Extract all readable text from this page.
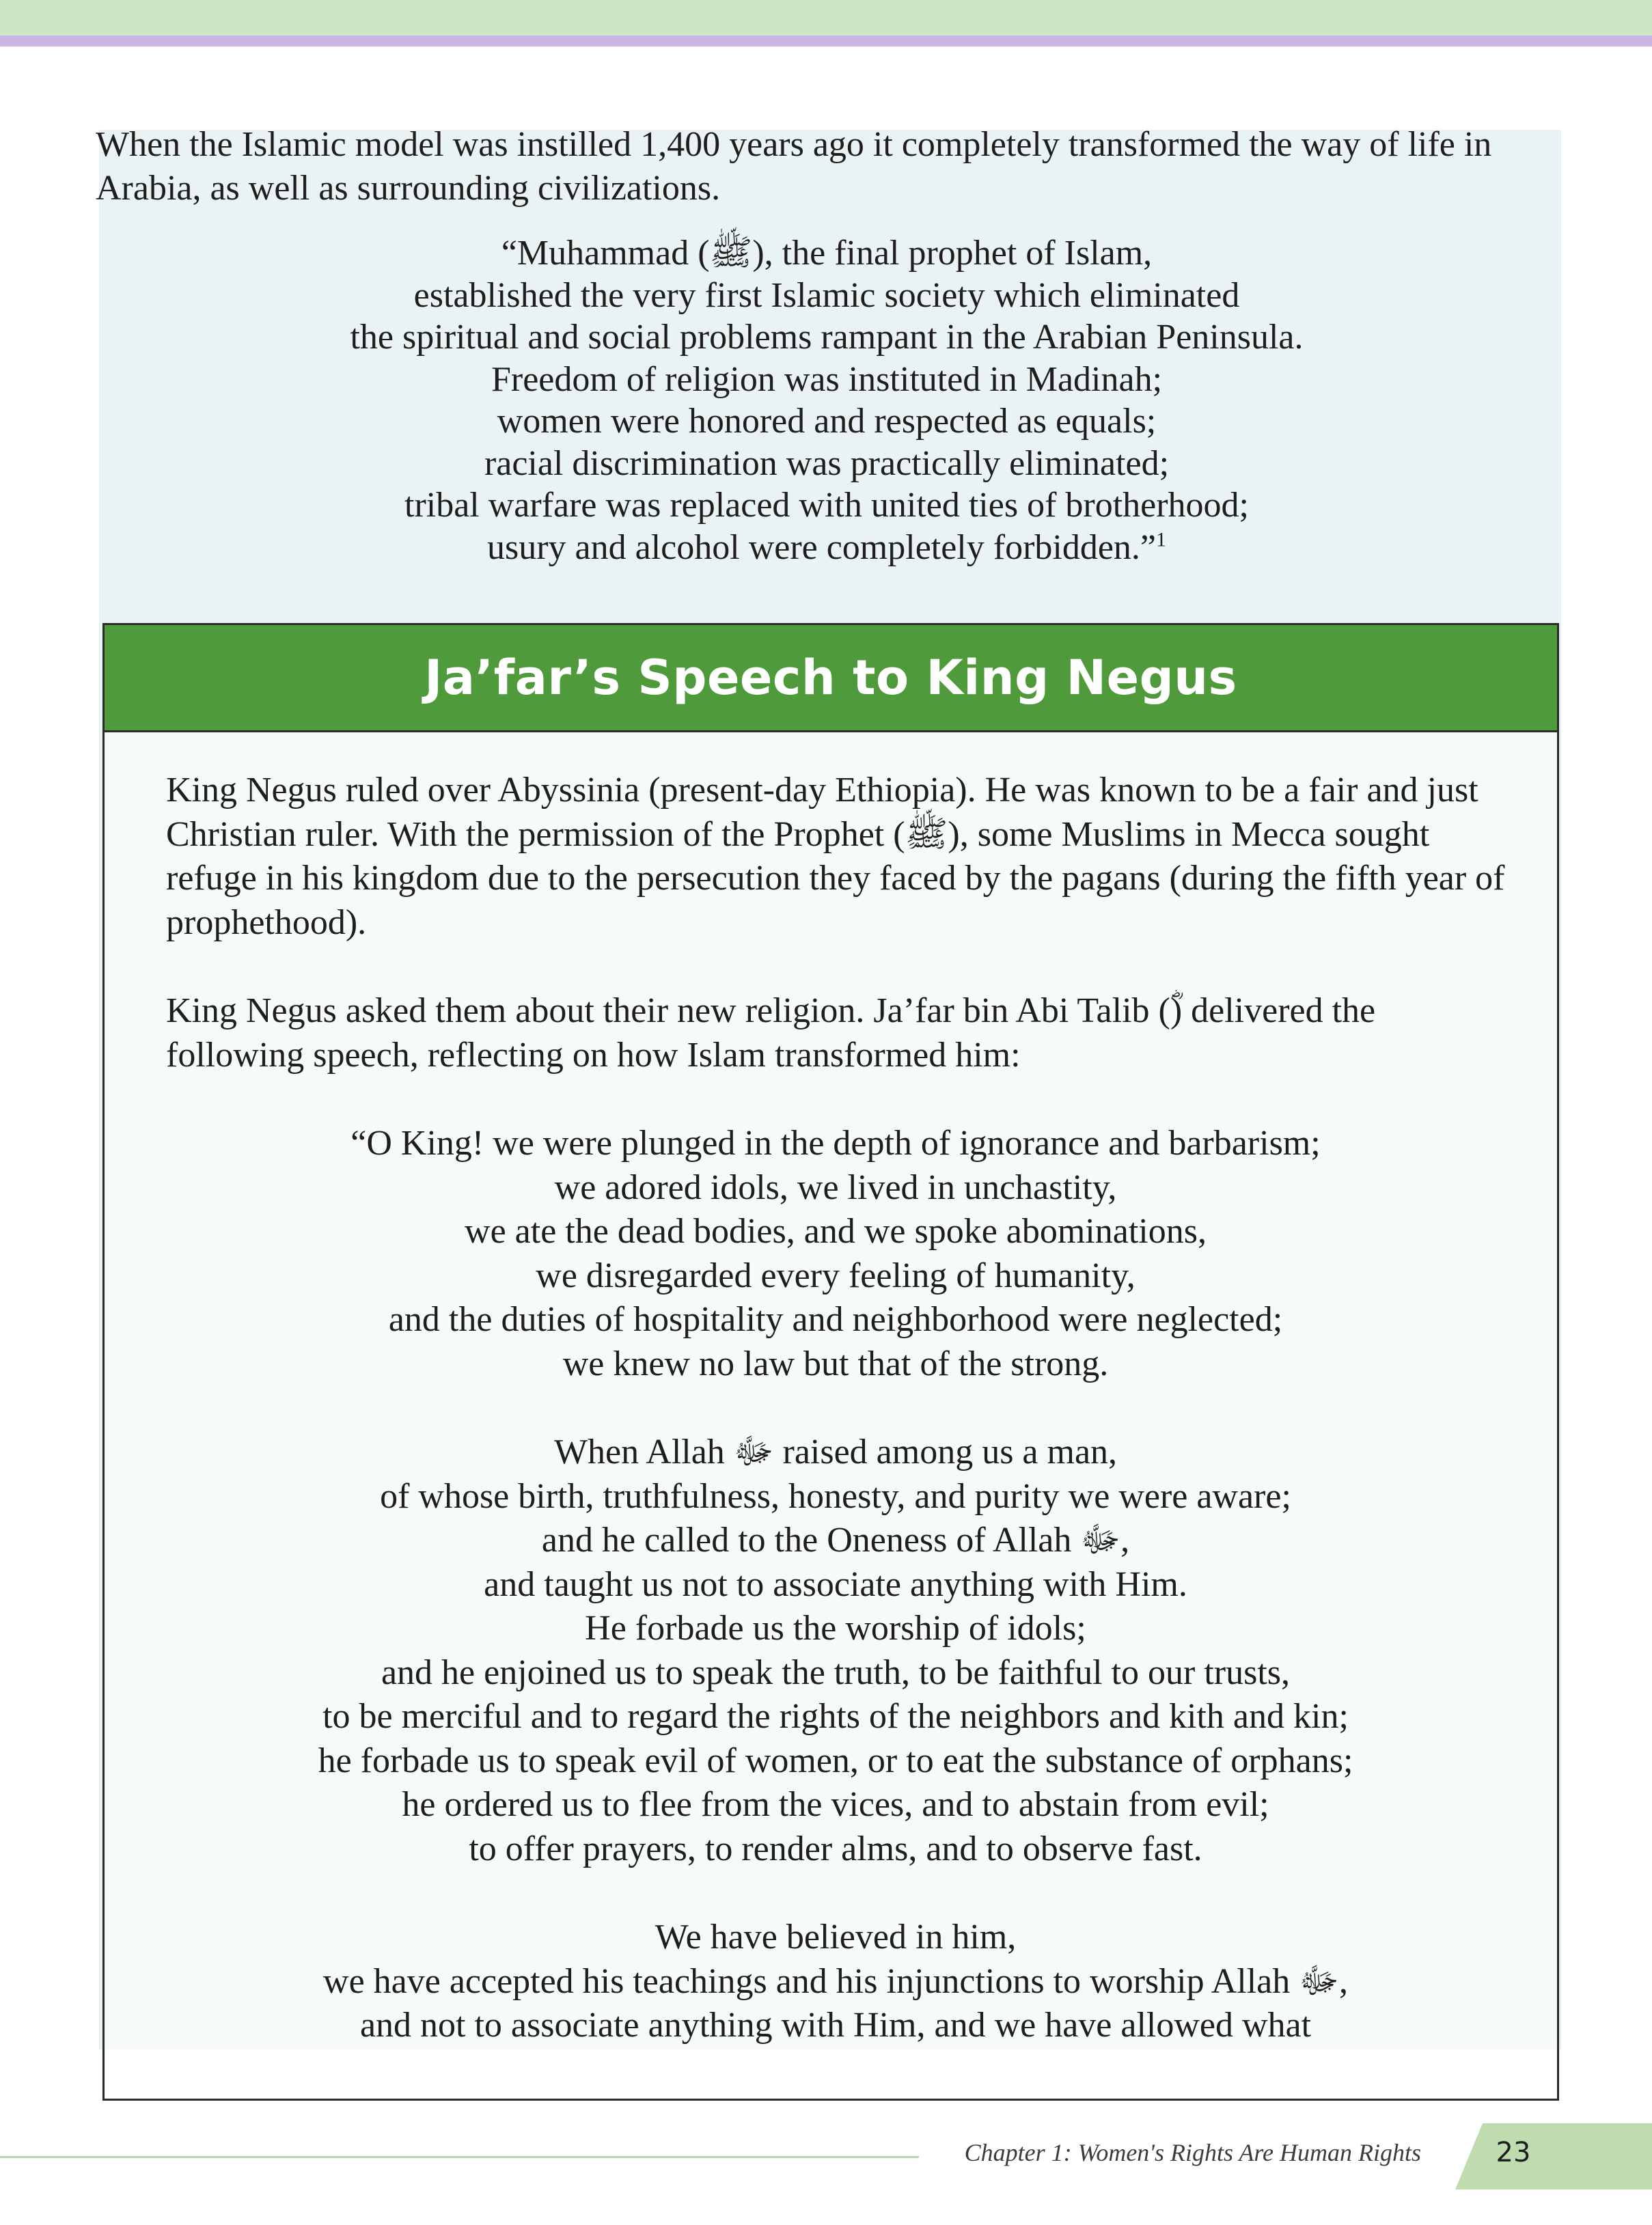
When the Islamic model was instilled 1,400 years ago it completely transformed the way of life in Arabia, as well as surrounding civilizations.

“Muhammad (ﷺ), the final prophet of Islam,
established the very first Islamic society which eliminated
the spiritual and social problems rampant in the Arabian Peninsula.
Freedom of religion was instituted in Madinah;
women were honored and respected as equals;
racial discrimination was practically eliminated;
tribal warfare was replaced with united ties of brotherhood;
usury and alcohol were completely forbidden.”$^1$
Ja’far’s Speech to King Negus

King Negus ruled over Abyssinia (present-day Ethiopia). He was known to be a fair and just Christian ruler. With the permission of the Prophet (ﷺ), some Muslims in Mecca sought refuge in his kingdom due to the persecution they faced by the pagans (during the fifth year of prophethood).

King Negus asked them about their new religion. Ja’far bin Abi Talib (ؓ) delivered the following speech, reflecting on how Islam transformed him:

“O King! we were plunged in the depth of ignorance and barbarism;
we adored idols, we lived in unchastity,
we ate the dead bodies, and we spoke abominations,
we disregarded every feeling of humanity,
and the duties of hospitality and neighborhood were neglected;
we knew no law but that of the strong.
When Allah ﷻ raised among us a man,
of whose birth, truthfulness, honesty, and purity we were aware;
and he called to the Oneness of Allah ﷻ,
and taught us not to associate anything with Him.
He forbade us the worship of idols;
and he enjoined us to speak the truth, to be faithful to our trusts,
to be merciful and to regard the rights of the neighbors and kith and kin;
he forbade us to speak evil of women, or to eat the substance of orphans;
he ordered us to flee from the vices, and to abstain from evil;
to offer prayers, to render alms, and to observe fast.
We have believed in him,
we have accepted his teachings and his injunctions to worship Allah ﷻ,
and not to associate anything with Him, and we have allowed what
Chapter 1: Women's Rights Are Human Rights	23
